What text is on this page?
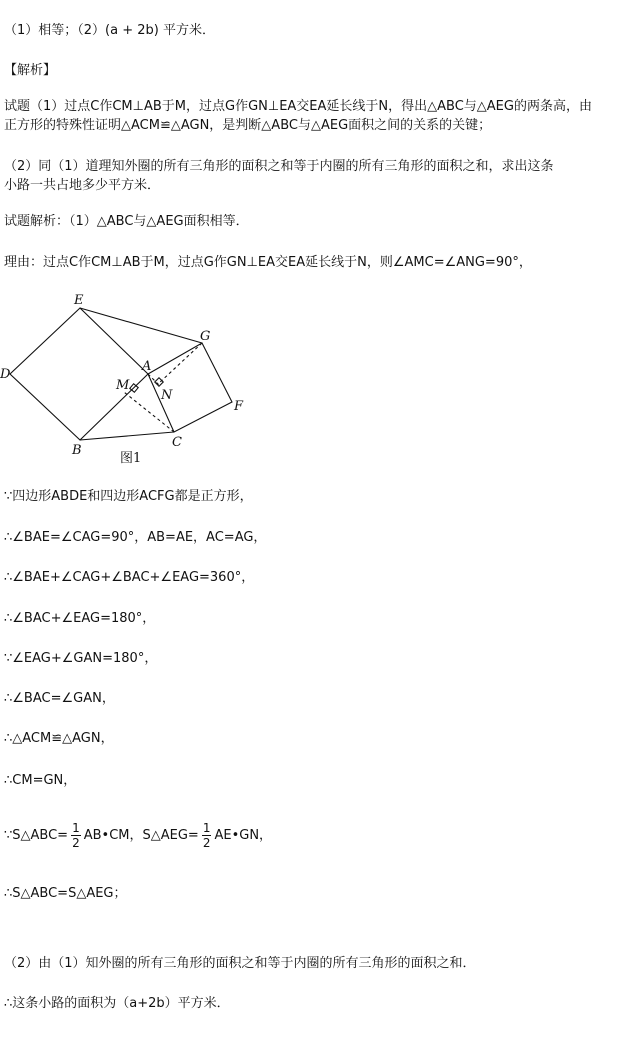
（1）相等；（2）(a + 2b) 平方米．
【解析】
试题（1）过点C作CM⊥AB于M，过点G作GN⊥EA交EA延长线于N，得出△ABC与△AEG的两条高，由
正方形的特殊性证明△ACM≌△AGN，是判断△ABC与△AEG面积之间的关系的关键；
（2）同（1）道理知外圈的所有三角形的面积之和等于内圈的所有三角形的面积之和，求出这条
小路一共占地多少平方米．
试题解析：（1）△ABC与△AEG面积相等．
理由：过点C作CM⊥AB于M，过点G作GN⊥EA交EA延长线于N，则∠AMC=∠ANG=90°，
E
G
D
A
M
N
F
B
C
图1
∵四边形ABDE和四边形ACFG都是正方形，
∴∠BAE=∠CAG=90°，AB=AE，AC=AG，
∴∠BAE+∠CAG+∠BAC+∠EAG=360°，
∴∠BAC+∠EAG=180°，
∵∠EAG+∠GAN=180°，
∴∠BAC=∠GAN，
∴△ACM≌△AGN，
∴CM=GN，
∵S△ABC= $\frac{1}{2}$ AB•CM，S△AEG= $\frac{1}{2}$ AE•GN，
∴S△ABC=S△AEG；
（2）由（1）知外圈的所有三角形的面积之和等于内圈的所有三角形的面积之和．
∴这条小路的面积为（a+2b）平方米．
